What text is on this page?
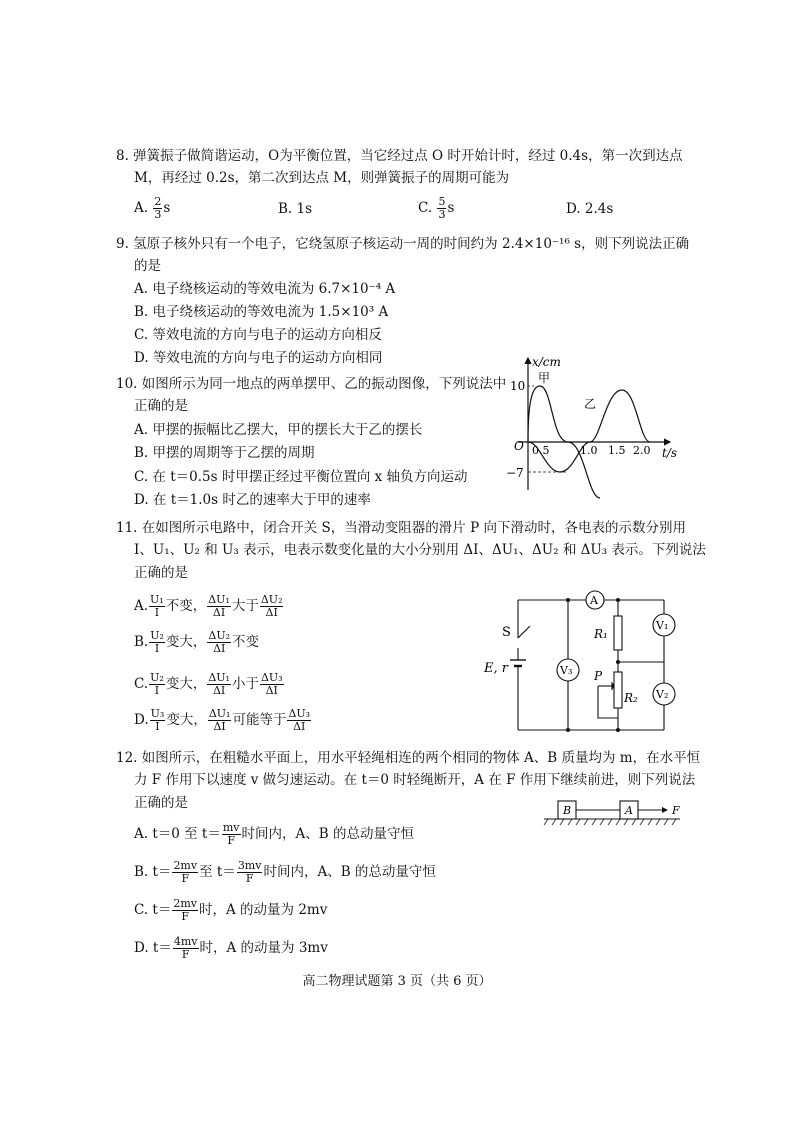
8. 弹簧振子做简谐运动，O为平衡位置，当它经过点 O 时开始计时，经过 0.4s，第一次到达点
M，再经过 0.2s，第二次到达点 M，则弹簧振子的周期可能为
A. $\frac{2}{3}$ s	B. 1s	C. $\frac{5}{3}$ s	D. 2.4s
9. 氢原子核外只有一个电子，它绕氢原子核运动一周的时间约为 2.4×10⁻¹⁶ s，则下列说法正确
的是
A. 电子绕核运动的等效电流为 6.7×10⁻⁴ A
B. 电子绕核运动的等效电流为 1.5×10³ A
C. 等效电流的方向与电子的运动方向相反
D. 等效电流的方向与电子的运动方向相同
10. 如图所示为同一地点的两单摆甲、乙的振动图像，下列说法中
正确的是
A. 甲摆的振幅比乙摆大，甲的摆长大于乙的摆长
B. 甲摆的周期等于乙摆的周期
C. 在 t＝0.5s 时甲摆正经过平衡位置向 x 轴负方向运动
D. 在 t＝1.0s 时乙的速率大于甲的速率
x/cm
t/s
10
−7
O 0.5	1.0 1.5 2.0
甲
乙
11. 在如图所示电路中，闭合开关 S，当滑动变阻器的滑片 P 向下滑动时，各电表的示数分别用
I、U₁、U₂ 和 U₃ 表示，电表示数变化量的大小分别用 ΔI、ΔU₁、ΔU₂ 和 ΔU₃ 表示。下列说法
正确的是
A. $\frac{\text{U₁}}{I}$ 不变， $\frac{\text{ΔU₁}}{\Delta I}$ 大于 $\frac{\text{ΔU₂}}{\Delta I}$
B. $\frac{\text{U₂}}{I}$ 变大， $\frac{\text{ΔU₂}}{\Delta I}$ 不变
C. $\frac{\text{U₂}}{I}$ 变大， $\frac{\text{ΔU₁}}{\Delta I}$ 小于 $\frac{\text{ΔU₃}}{\Delta I}$
D. $\frac{\text{U₃}}{I}$ 变大， $\frac{\text{ΔU₁}}{\Delta I}$ 可能等于 $\frac{\text{ΔU₃}}{\Delta I}$
S
E, r
A
V₃
V₁
V₂
R₁
R₂
P
12. 如图所示，在粗糙水平面上，用水平轻绳相连的两个相同的物体 A、B 质量均为 m，在水平恒
力 F 作用下以速度 v 做匀速运动。在 t＝0 时轻绳断开，A 在 F 作用下继续前进，则下列说法
正确的是	B	A	F
A. t＝0 至 $t= \frac{mv}{F}$ 时间内，A、B 的总动量守恒
B. $t= \frac{2mv}{F}$ 至 $t= \frac{3mv}{F}$ 时间内，A、B 的总动量守恒
C. $t= \frac{2mv}{F}$ 时，A 的动量为 2mv
D. $t= \frac{4mv}{F}$ 时，A 的动量为 3mv
高二物理试题第 3 页（共 6 页）
